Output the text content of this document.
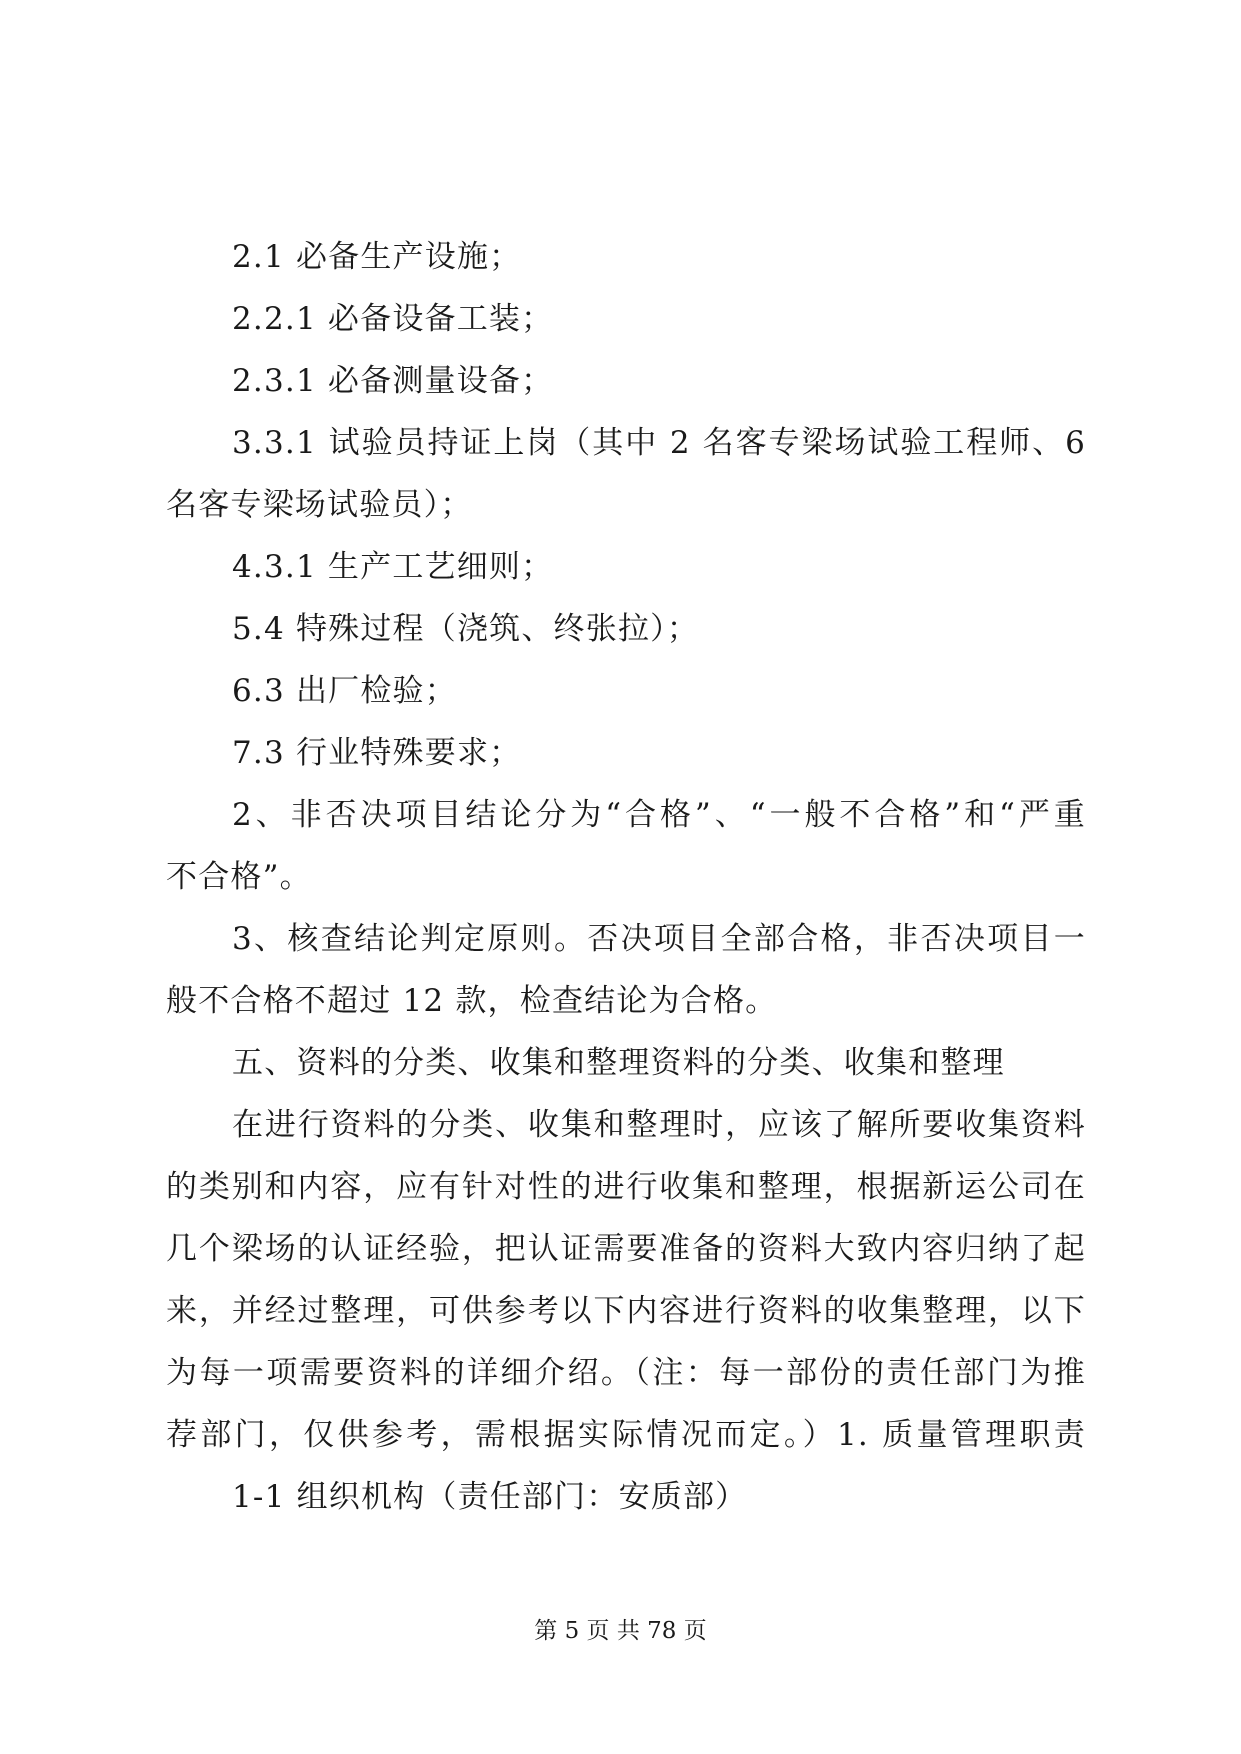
2.1 必备生产设施；
2.2.1 必备设备工装；
2.3.1 必备测量设备；
3.3.1 试验员持证上岗（其中 2 名客专梁场试验工程师、6
名客专梁场试验员）；
4.3.1 生产工艺细则；
5.4 特殊过程（浇筑、终张拉）；
6.3 出厂检验；
7.3 行业特殊要求；
2、非否决项目结论分为“合格”、“一般不合格”和“严重
不合格”。
3、核查结论判定原则。否决项目全部合格，非否决项目一
般不合格不超过 12 款，检查结论为合格。
五、资料的分类、收集和整理资料的分类、收集和整理
在进行资料的分类、收集和整理时，应该了解所要收集资料
的类别和内容，应有针对性的进行收集和整理，根据新运公司在
几个梁场的认证经验，把认证需要准备的资料大致内容归纳了起
来，并经过整理，可供参考以下内容进行资料的收集整理，以下
为每一项需要资料的详细介绍。（注：每一部份的责任部门为推
荐部门，仅供参考，需根据实际情况而定。）1. 质量管理职责
1-1 组织机构（责任部门：安质部）
第 5 页 共 78 页
